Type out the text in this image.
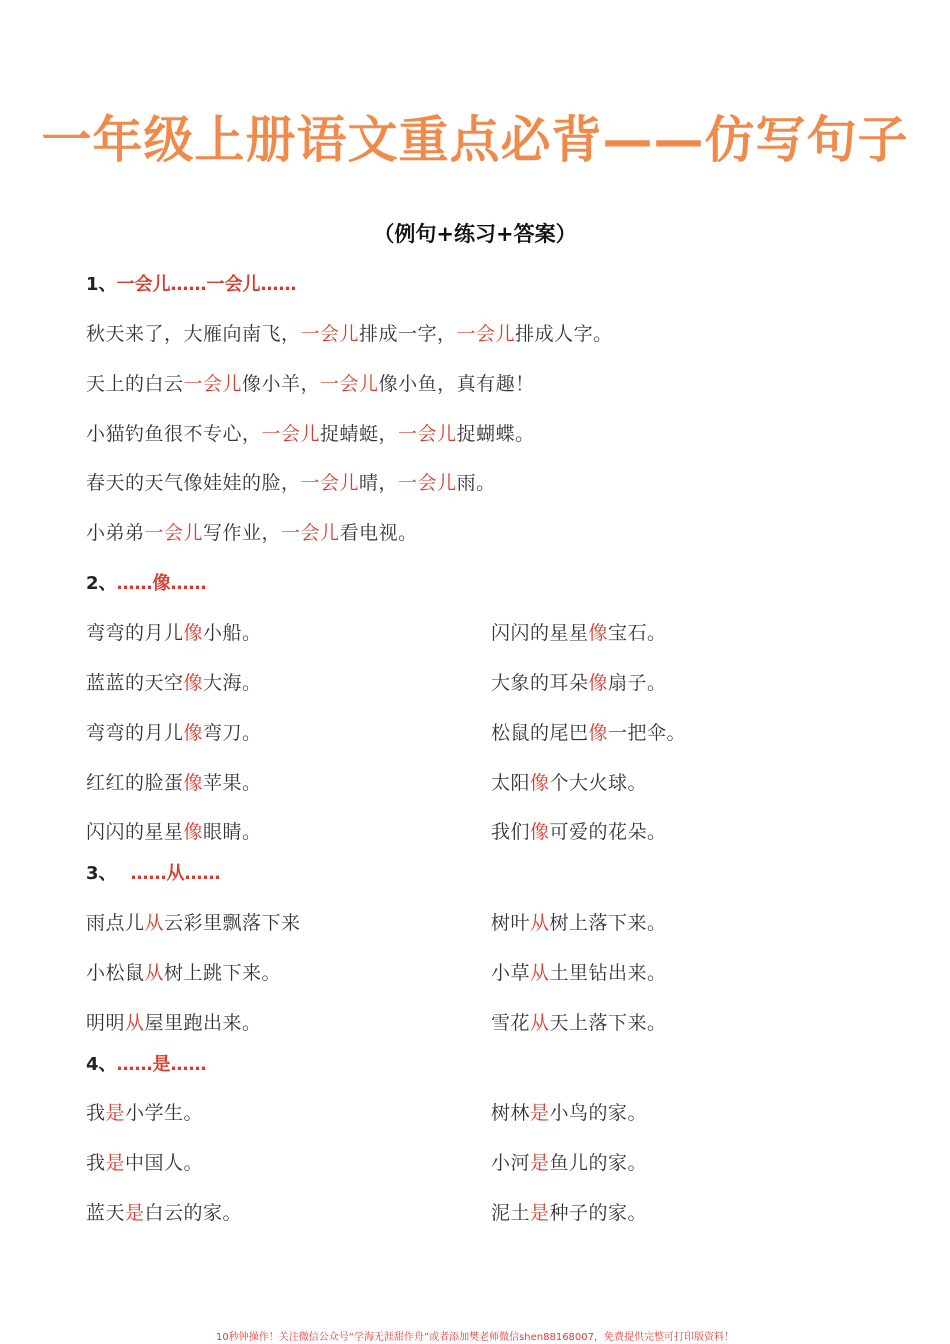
一年级上册语文重点必背——仿写句子
（例句+练习+答案）
1、一会儿……一会儿……
秋天来了，大雁向南飞，一会儿排成一字，一会儿排成人字。
天上的白云一会儿像小羊，一会儿像小鱼，真有趣！
小猫钓鱼很不专心，一会儿捉蜻蜓，一会儿捉蝴蝶。
春天的天气像娃娃的脸，一会儿晴，一会儿雨。
小弟弟一会儿写作业，一会儿看电视。
2、……像……
弯弯的月儿像小船。
蓝蓝的天空像大海。
弯弯的月儿像弯刀。
红红的脸蛋像苹果。
闪闪的星星像眼睛。
闪闪的星星像宝石。
大象的耳朵像扇子。
松鼠的尾巴像一把伞。
太阳像个大火球。
我们像可爱的花朵。
3、 ……从……
雨点儿从云彩里飘落下来
小松鼠从树上跳下来。
明明从屋里跑出来。
树叶从树上落下来。
小草从土里钻出来。
雪花从天上落下来。
4、……是……
我是小学生。
我是中国人。
蓝天是白云的家。
树林是小鸟的家。
小河是鱼儿的家。
泥土是种子的家。
10秒钟操作！关注微信公众号“学海无涯甜作舟”或者添加樊老师微信shen88168007，免费提供完整可打印版资料！
